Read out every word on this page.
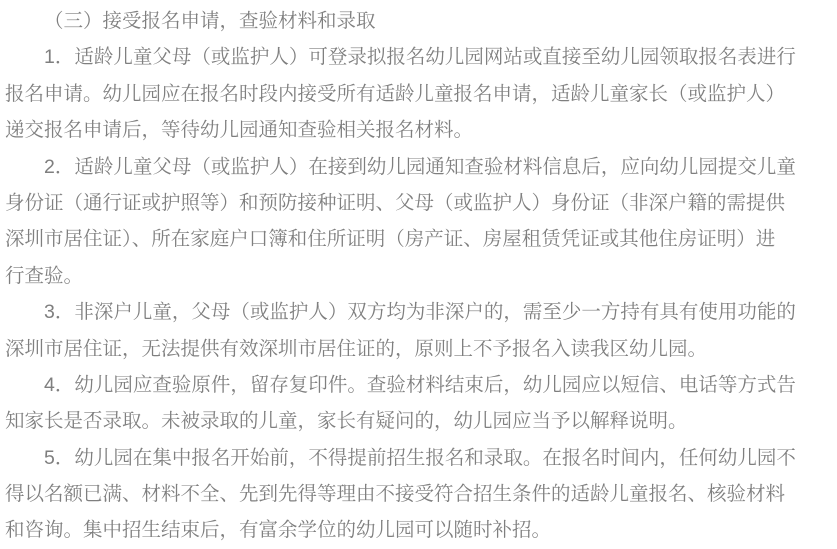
（三）接受报名申请，查验材料和录取
1．适龄儿童父母（或监护人）可登录拟报名幼儿园网站或直接至幼儿园领取报名表进行
报名申请。幼儿园应在报名时段内接受所有适龄儿童报名申请，适龄儿童家长（或监护人）
递交报名申请后，等待幼儿园通知查验相关报名材料。
2．适龄儿童父母（或监护人）在接到幼儿园通知查验材料信息后，应向幼儿园提交儿童
身份证（通行证或护照等）和预防接种证明、父母（或监护人）身份证（非深户籍的需提供
深圳市居住证）、所在家庭户口簿和住所证明（房产证、房屋租赁凭证或其他住房证明）进
行查验。
3．非深户儿童，父母（或监护人）双方均为非深户的，需至少一方持有具有使用功能的
深圳市居住证，无法提供有效深圳市居住证的，原则上不予报名入读我区幼儿园。
4．幼儿园应查验原件，留存复印件。查验材料结束后，幼儿园应以短信、电话等方式告
知家长是否录取。未被录取的儿童，家长有疑问的，幼儿园应当予以解释说明。
5．幼儿园在集中报名开始前，不得提前招生报名和录取。在报名时间内，任何幼儿园不
得以名额已满、材料不全、先到先得等理由不接受符合招生条件的适龄儿童报名、核验材料
和咨询。集中招生结束后，有富余学位的幼儿园可以随时补招。
